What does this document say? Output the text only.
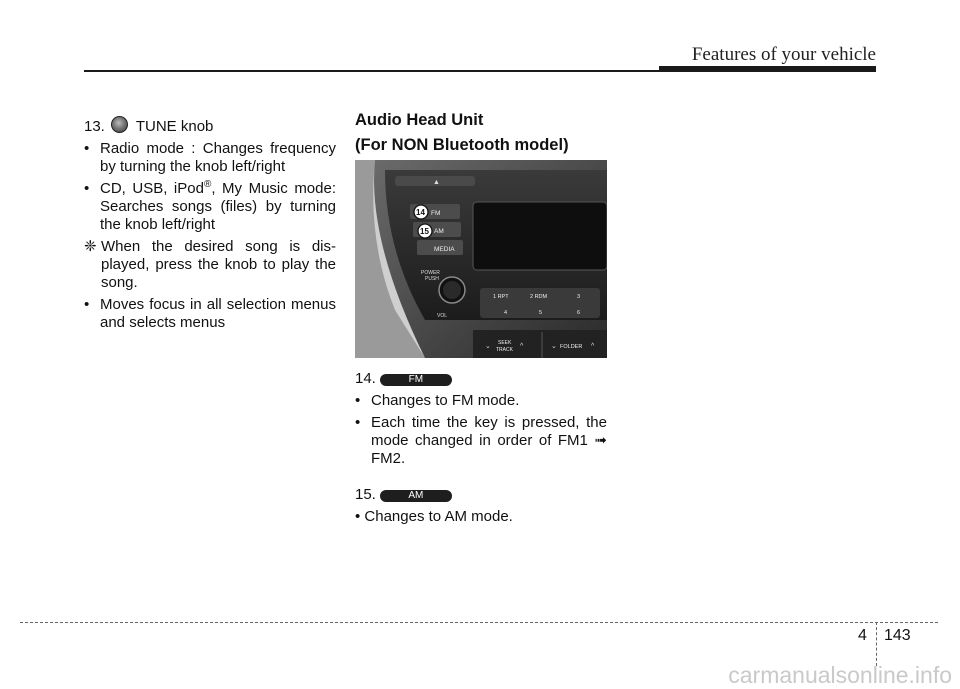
Features of your vehicle

13. TUNE knob

• Radio mode : Changes frequency by turning the knob left/right

• CD, USB, iPod®, My Music mode: Searches songs (files) by turning the knob left/right

❈ When the desired song is dis-played, press the knob to play the song.

• Moves focus in all selection menus and selects menus

Audio Head Unit

(For NON Bluetooth model)

▲
FM
AM
MEDIA
14
15
POWER
PUSH
VOL
1 RPT	2 RDM	3
4	5	6
⌄ SEEK
TRACK ^	⌄ FOLDER ^

14.	FM

• Changes to FM mode.

• Each time the key is pressed, the mode changed in order of FM1 ➟ FM2.

15.	AM

• Changes to AM mode.

4 143
carmanualsonline.info
